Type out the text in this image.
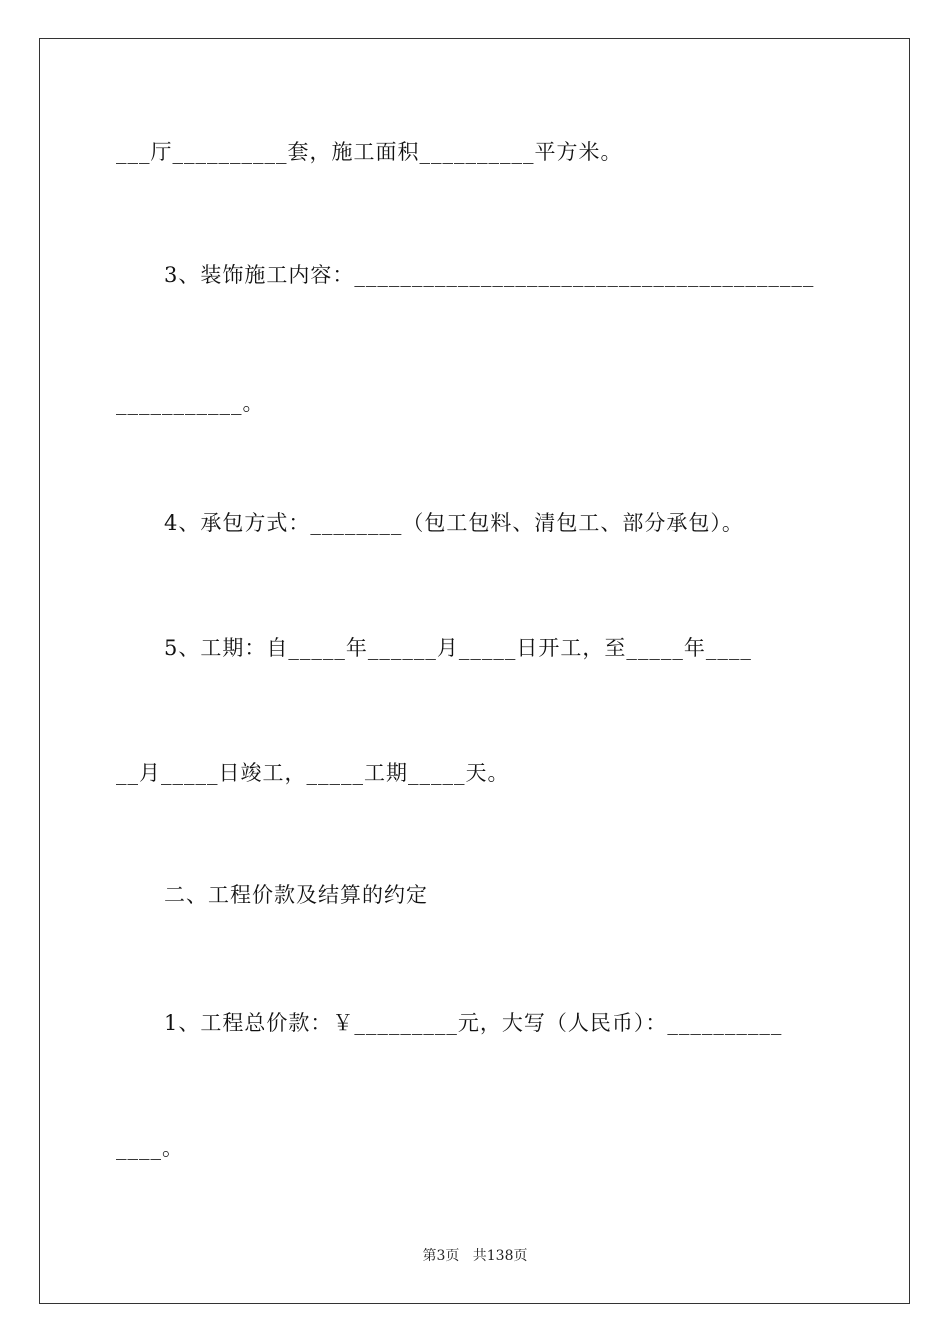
___厅__________套，施工面积__________平方米。
3、装饰施工内容：________________________________________
___________。
4、承包方式：________（包工包料、清包工、部分承包）。
5、工期：自_____年______月_____日开工，至_____年____
__月_____日竣工，_____工期_____天。
二、工程价款及结算的约定
1、工程总价款：￥_________元，大写（人民币）：__________
____。
第3页 共138页
